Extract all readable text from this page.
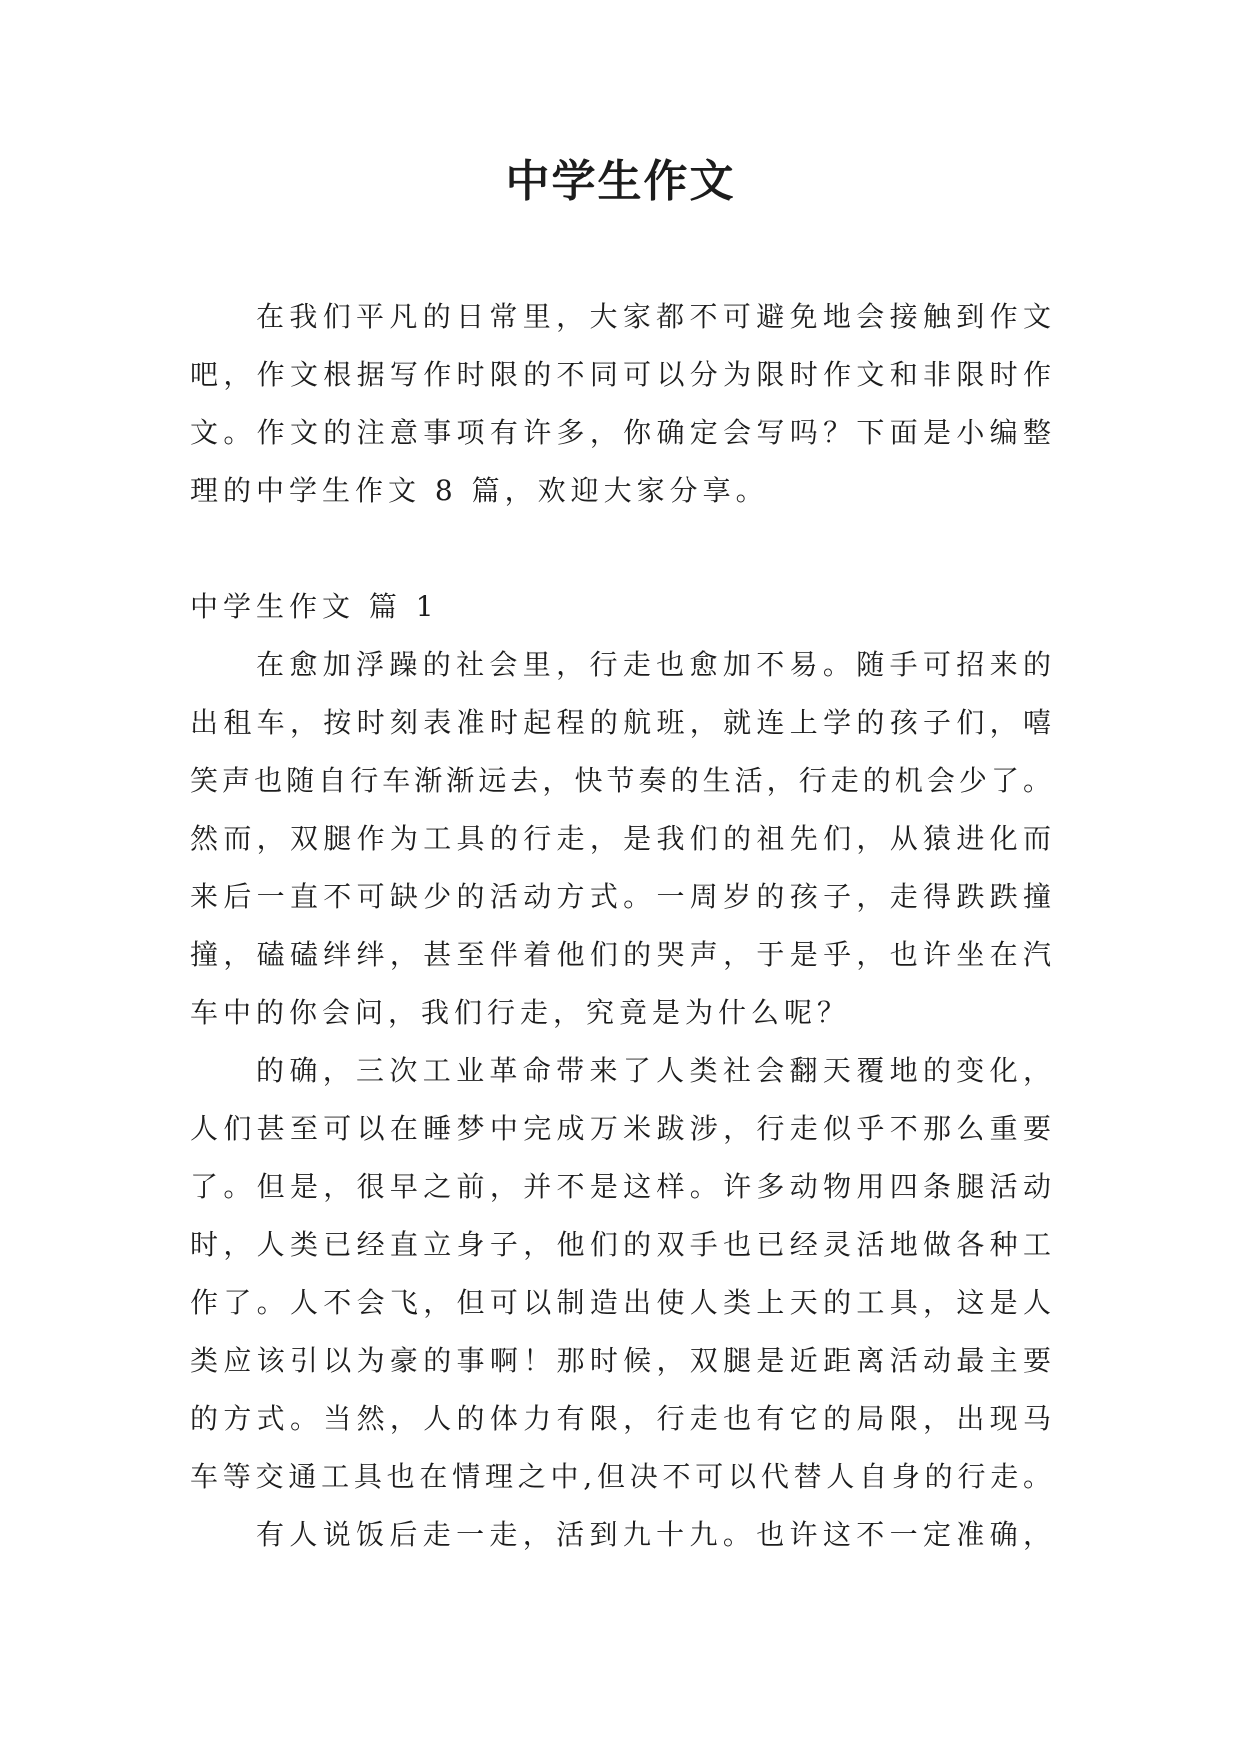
中学生作文
在我们平凡的日常里，大家都不可避免地会接触到作文
吧，作文根据写作时限的不同可以分为限时作文和非限时作
文。作文的注意事项有许多，你确定会写吗？下面是小编整
理的中学生作文 8 篇，欢迎大家分享。
中学生作文 篇 1
在愈加浮躁的社会里，行走也愈加不易。随手可招来的
出租车，按时刻表准时起程的航班，就连上学的孩子们，嘻
笑声也随自行车渐渐远去，快节奏的生活，行走的机会少了。
然而，双腿作为工具的行走，是我们的祖先们，从猿进化而
来后一直不可缺少的活动方式。一周岁的孩子，走得跌跌撞
撞，磕磕绊绊，甚至伴着他们的哭声，于是乎，也许坐在汽
车中的你会问，我们行走，究竟是为什么呢？
的确，三次工业革命带来了人类社会翻天覆地的变化，
人们甚至可以在睡梦中完成万米跋涉，行走似乎不那么重要
了。但是，很早之前，并不是这样。许多动物用四条腿活动
时，人类已经直立身子，他们的双手也已经灵活地做各种工
作了。人不会飞，但可以制造出使人类上天的工具，这是人
类应该引以为豪的事啊！那时候，双腿是近距离活动最主要
的方式。当然，人的体力有限，行走也有它的局限，出现马
车等交通工具也在情理之中,但决不可以代替人自身的行走。
有人说饭后走一走，活到九十九。也许这不一定准确，
